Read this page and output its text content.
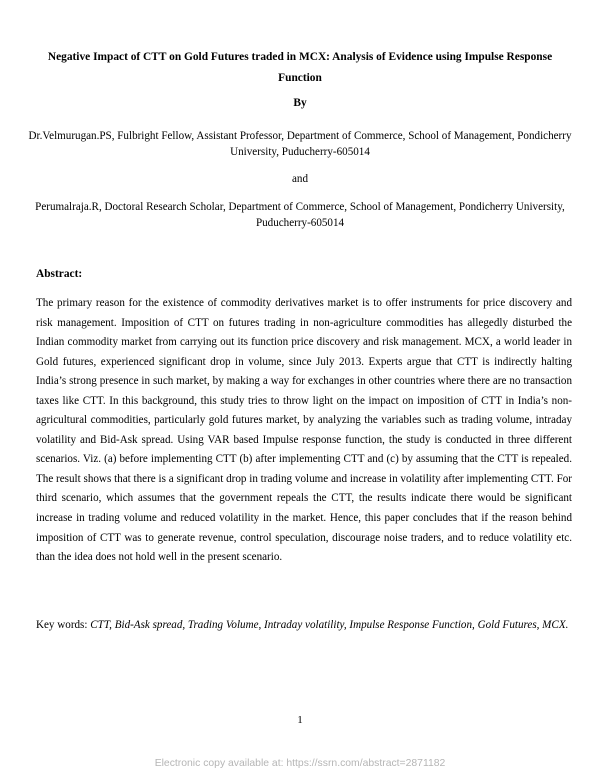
Negative Impact of CTT on Gold Futures traded in MCX: Analysis of Evidence using Impulse Response Function
By
Dr.Velmurugan.PS, Fulbright Fellow, Assistant Professor, Department of Commerce, School of Management, Pondicherry University, Puducherry-605014
and
Perumalraja.R, Doctoral Research Scholar, Department of Commerce, School of Management, Pondicherry University, Puducherry-605014
Abstract:
The primary reason for the existence of commodity derivatives market is to offer instruments for price discovery and risk management. Imposition of CTT on futures trading in non-agriculture commodities has allegedly disturbed the Indian commodity market from carrying out its function price discovery and risk management. MCX, a world leader in Gold futures, experienced significant drop in volume, since July 2013. Experts argue that CTT is indirectly halting India’s strong presence in such market, by making a way for exchanges in other countries where there are no transaction taxes like CTT. In this background, this study tries to throw light on the impact on imposition of CTT in India’s non-agricultural commodities, particularly gold futures market, by analyzing the variables such as trading volume, intraday volatility and Bid-Ask spread. Using VAR based Impulse response function, the study is conducted in three different scenarios. Viz. (a) before implementing CTT (b) after implementing CTT and (c) by assuming that the CTT is repealed. The result shows that there is a significant drop in trading volume and increase in volatility after implementing CTT. For third scenario, which assumes that the government repeals the CTT, the results indicate there would be significant increase in trading volume and reduced volatility in the market. Hence, this paper concludes that if the reason behind imposition of CTT was to generate revenue, control speculation, discourage noise traders, and to reduce volatility etc. than the idea does not hold well in the present scenario.
Key words: CTT, Bid-Ask spread, Trading Volume, Intraday volatility, Impulse Response Function, Gold Futures, MCX.
1
Electronic copy available at: https://ssrn.com/abstract=2871182
